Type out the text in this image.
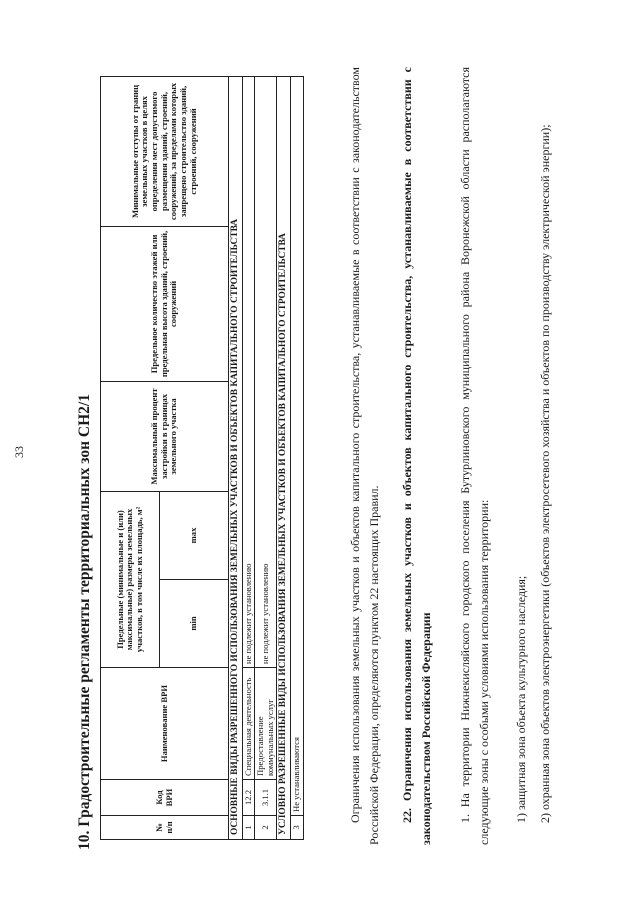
33	10. Градостроительные регламенты территориальных зон СН2/1	№ п/п	Код ВРИ	Наименование ВРИ	Предельные (минимальные и (или) максимальные) размеры земельных участков, в том числе их площадь, м²		Максимальный процент застройки в границах земельного участка	Предельное количество этажей или предельная высота зданий, строений, сооружений	Минимальные отступы от границ земельных участков в целях определения мест допустимого размещения зданий, строений, сооружений, за пределами которых запрещено строительство зданий, строений, сооружений
			min	max			
ОСНОВНЫЕ ВИДЫ РАЗРЕШЕННОГО ИСПОЛЬЗОВАНИЯ ЗЕМЕЛЬНЫХ УЧАСТКОВ И ОБЪЕКТОВ КАПИТАЛЬНОГО СТРОИТЕЛЬСТВА							
1	12.2	Специальная деятельность	не подлежит установлению				
2	3.1.1	Предоставление коммунальных услуг	не подлежит установлению				
УСЛОВНО РАЗРЕШЕННЫЕ ВИДЫ ИСПОЛЬЗОВАНИЯ ЗЕМЕЛЬНЫХ УЧАСТКОВ И ОБЪЕКТОВ КАПИТАЛЬНОГО СТРОИТЕЛЬСТВА							
3	Не устанавливаются							Ограничения использования земельных участков и объектов капитального строительства, устанавливаемые в соответствии с законодательством Российской Федерации, определяются пунктом 22 настоящих Правил. 22. Ограничения использования земельных участков и объектов капитального строительства, устанавливаемые в соответствии с законодательством Российской Федерации 1. На территории Нижнекисляйского городского поселения Бутурлиновского муниципального района Воронежской области располагаются следующие зоны с особыми условиями использования территории: 1) защитная зона объекта культурного наследия; 2) охранная зона объектов электроэнергетики (объектов электросетевого хозяйства и объектов по производству электрической энергии);
